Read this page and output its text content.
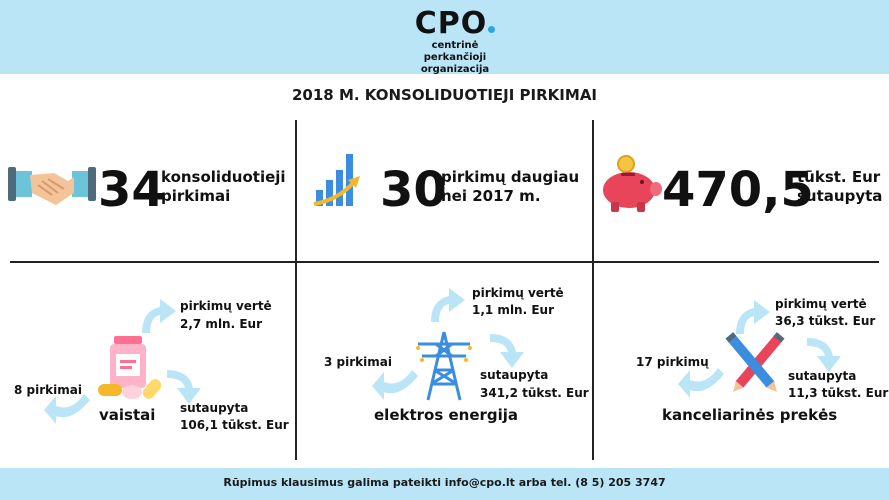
CPO
centrinė perkančioji
organizacija
2018 M. KONSOLIDUOTIEJI PIRKIMAI
34
konsoliduotieji
pirkimai	30
pirkimų daugiau
nei 2017 m.	470,5
tūkst. Eur
sutaupyta
vaistai
8 pirkimai
pirkimų vertė
2,7 mln. Eur
sutaupyta
106,1 tūkst. Eur
elektros energija
3 pirkimai
pirkimų vertė
1,1 mln. Eur
sutaupyta
341,2 tūkst. Eur
kanceliarinės prekės
17 pirkimų
pirkimų vertė
36,3 tūkst. Eur
sutaupyta
11,3 tūkst. Eur
Rūpimus klausimus galima pateikti info@cpo.lt arba tel. (8 5) 205 3747
